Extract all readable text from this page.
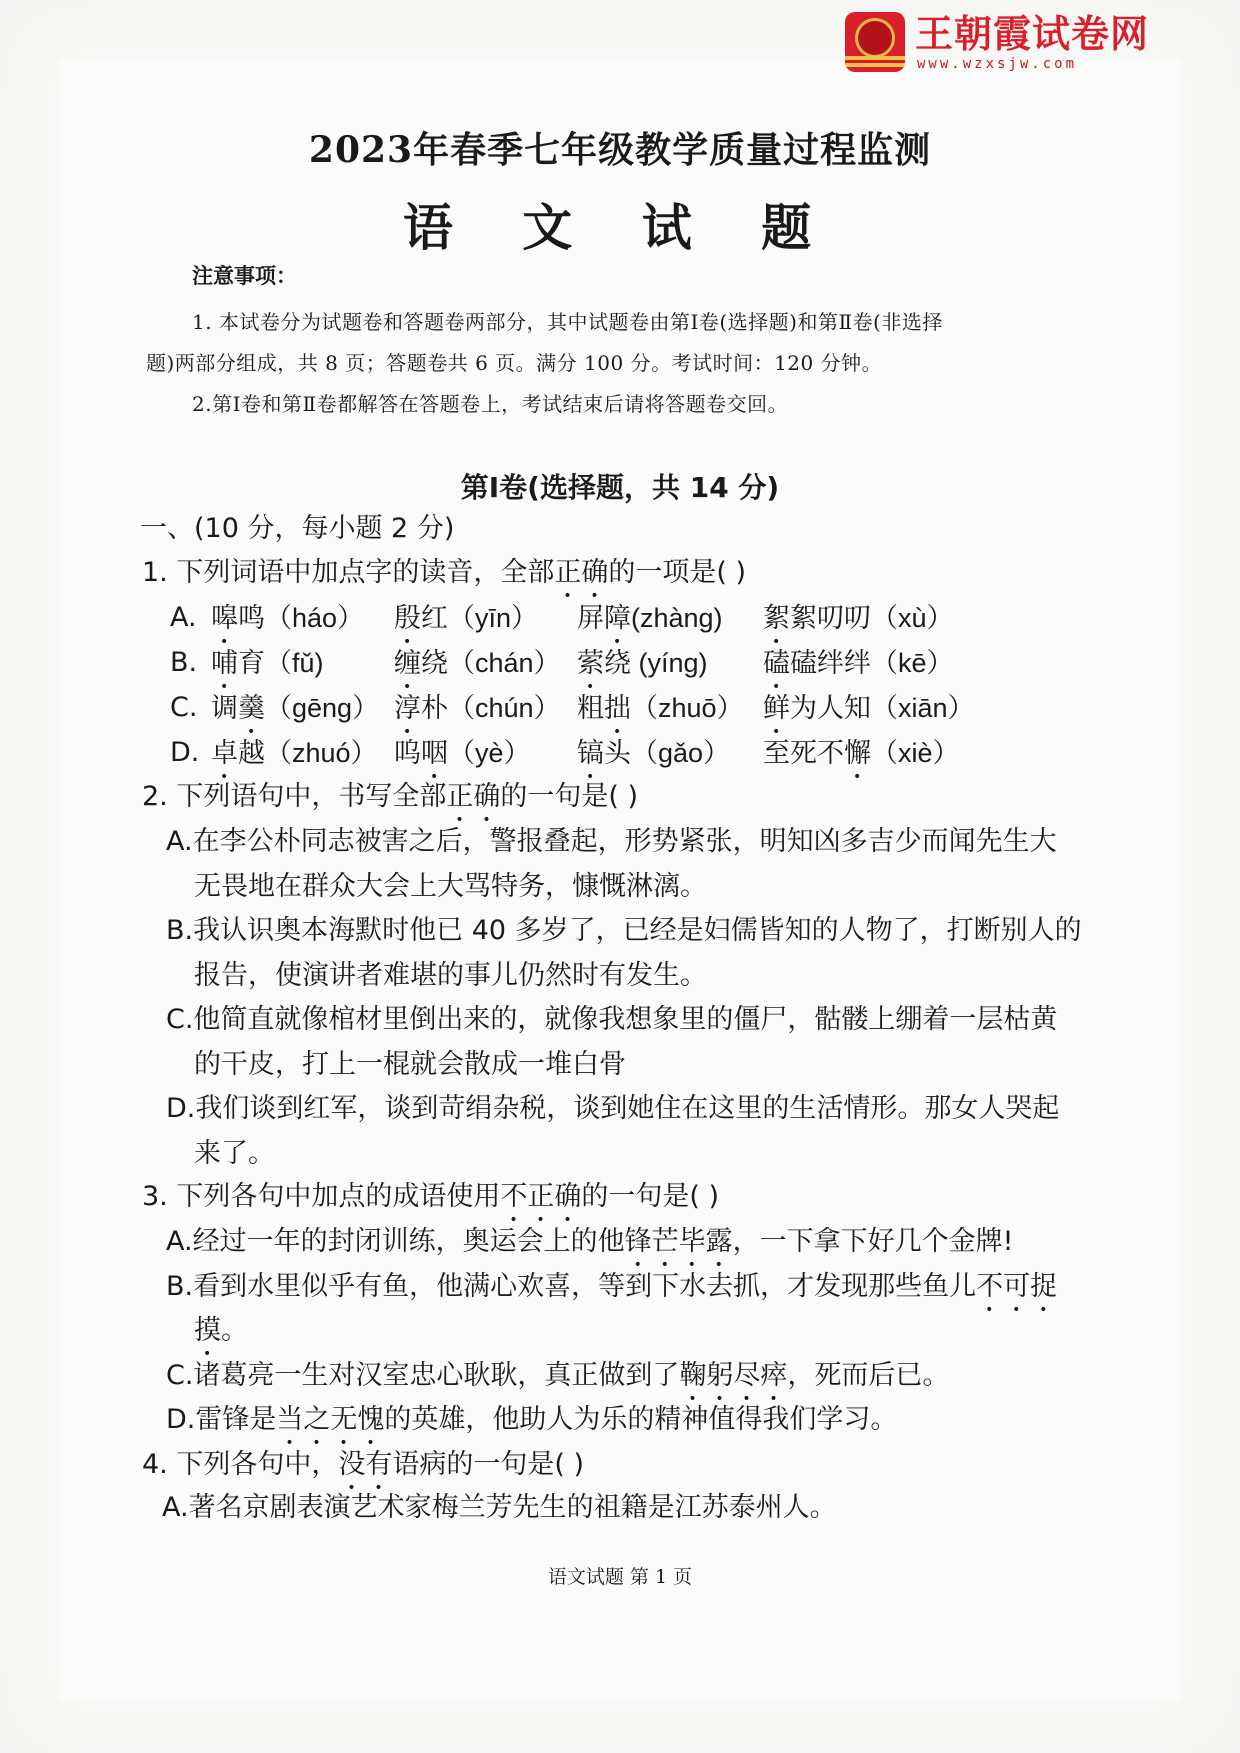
王朝霞试卷网
www.wzxsjw.com
2023年春季七年级教学质量过程监测
语 文 试 题
注意事项：
1. 本试卷分为试题卷和答题卷两部分，其中试题卷由第Ⅰ卷(选择题)和第Ⅱ卷(非选择
题)两部分组成，共 8 页；答题卷共 6 页。满分 100 分。考试时间：120 分钟。
2.第Ⅰ卷和第Ⅱ卷都解答在答题卷上，考试结束后请将答题卷交回。
第Ⅰ卷(选择题，共 14 分)
一、(10 分，每小题 2 分)
1. 下列词语中加点字的读音，全部正确的一项是( )
A. 嗥鸣（háo） 殷红（yīn） 屏障(zhàng) 絮絮叨叨（xù）
B. 哺育（fǔ)	缠绕（chán） 萦绕 (yíng) 磕磕绊绊（kē）
C. 调羹（gēng） 淳朴（chún） 粗拙（zhuō） 鲜为人知（xiān）
D. 卓越（zhuó） 呜咽（yè） 镐头（gǎo） 至死不懈（xiè）
2. 下列语句中，书写全部正确的一句是( )
A.在李公朴同志被害之后，警报叠起，形势紧张，明知凶多吉少而闻先生大
无畏地在群众大会上大骂特务，慷慨淋漓。
B.我认识奥本海默时他已 40 多岁了，已经是妇儒皆知的人物了，打断别人的
报告，使演讲者难堪的事儿仍然时有发生。
C.他简直就像棺材里倒出来的，就像我想象里的僵尸，骷髅上绷着一层枯黄
的干皮，打上一棍就会散成一堆白骨
D.我们谈到红军，谈到苛绢杂税，谈到她住在这里的生活情形。那女人哭起
来了。
3. 下列各句中加点的成语使用不正确的一句是( )
A.经过一年的封闭训练，奥运会上的他锋芒毕露，一下拿下好几个金牌!
B.看到水里似乎有鱼，他满心欢喜，等到下水去抓，才发现那些鱼儿不可捉
摸。
C.诸葛亮一生对汉室忠心耿耿，真正做到了鞠躬尽瘁，死而后已。
D.雷锋是当之无愧的英雄，他助人为乐的精神值得我们学习。
4. 下列各句中，没有语病的一句是( )
A.著名京剧表演艺术家梅兰芳先生的祖籍是江苏泰州人。
语文试题 第 1 页
